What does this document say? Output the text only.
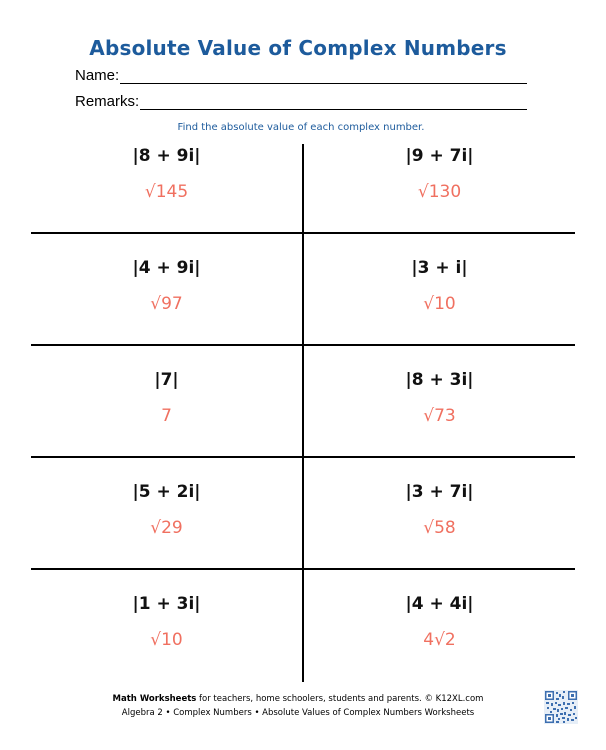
Absolute Value of Complex Numbers
Name:
Remarks:
Find the absolute value of each complex number.
|8 + 9i|
√145
|9 + 7i|
√130
|4 + 9i|
√97
|3 + i|
√10
|7|
7
|8 + 3i|
√73
|5 + 2i|
√29
|3 + 7i|
√58
|1 + 3i|
√10
|4 + 4i|
4√2
Math Worksheets for teachers, home schoolers, students and parents. © K12XL.com
Algebra 2 • Complex Numbers • Absolute Values of Complex Numbers Worksheets
